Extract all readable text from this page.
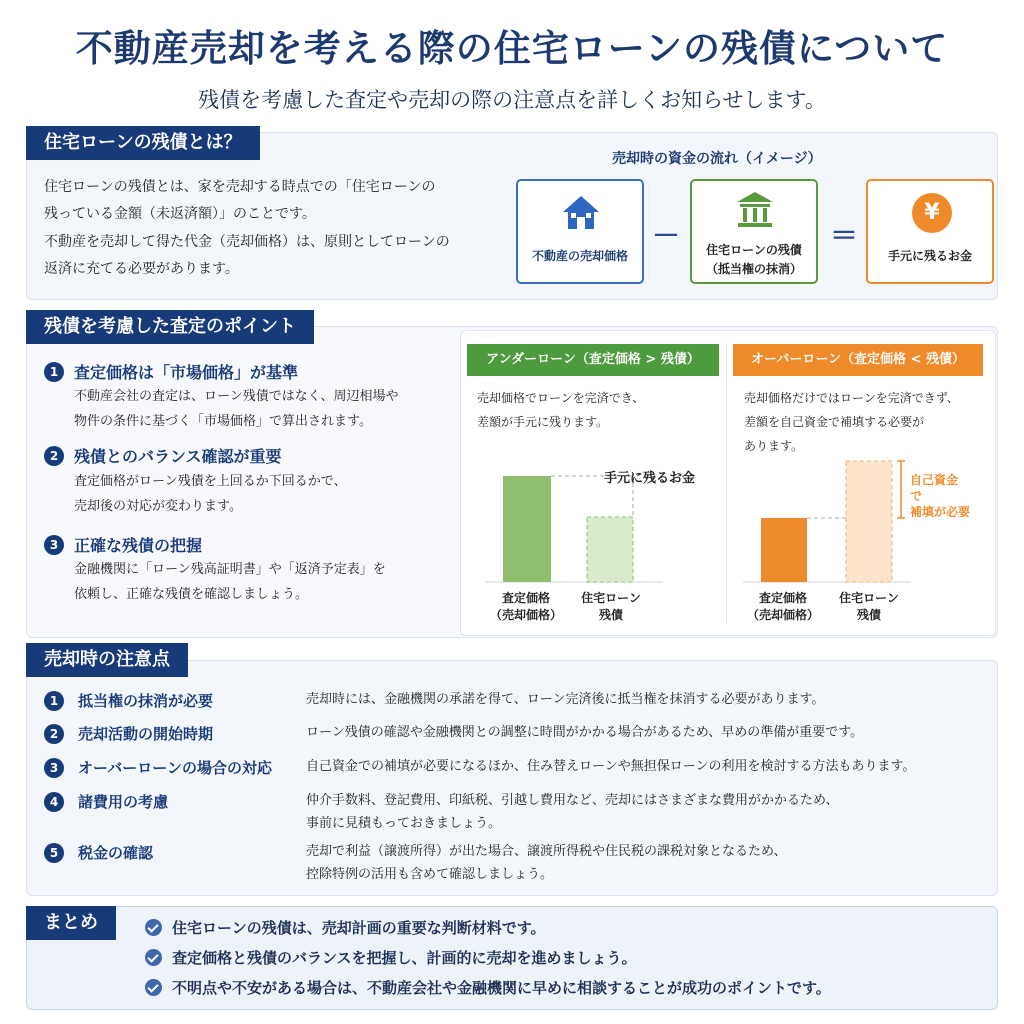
不動産売却を考える際の住宅ローンの残債について
残債を考慮した査定や売却の際の注意点を詳しくお知らせします。
住宅ローンの残債とは？
住宅ローンの残債とは、家を売却する時点での「住宅ローンの
残っている金額（未返済額）」のことです。
不動産を売却して得た代金（売却価格）は、原則としてローンの
返済に充てる必要があります。
売却時の資金の流れ（イメージ）
不動産の売却価格
－	住宅ローンの残債
（抵当権の抹消）
＝
¥
手元に残るお金
残債を考慮した査定のポイント
1 査定価格は「市場価格」が基準
不動産会社の査定は、ローン残債ではなく、周辺相場や
物件の条件に基づく「市場価格」で算出されます。
2 残債とのバランス確認が重要
査定価格がローン残債を上回るか下回るかで、
売却後の対応が変わります。
3 正確な残債の把握
金融機関に「ローン残高証明書」や「返済予定表」を
依頼し、正確な残債を確認しましょう。
アンダーローン（査定価格 > 残債）
売却価格でローンを完済でき、
差額が手元に残ります。
手元に残るお金
査定価格
（売却価格）
住宅ローン
残債
オーバーローン（査定価格 < 残債）
売却価格だけではローンを完済できず、
差額を自己資金で補填する必要が
あります。
自己資金
で
補填が必要
査定価格
（売却価格）
住宅ローン
残債
売却時の注意点
1	抵当権の抹消が必要	売却時には、金融機関の承諾を得て、ローン完済後に抵当権を抹消する必要があります。
2	売却活動の開始時期	ローン残債の確認や金融機関との調整に時間がかかる場合があるため、早めの準備が重要です。
3	オーバーローンの場合の対応	自己資金での補填が必要になるほか、住み替えローンや無担保ローンの利用を検討する方法もあります。
4	諸費用の考慮	仲介手数料、登記費用、印紙税、引越し費用など、売却にはさまざまな費用がかかるため、
事前に見積もっておきましょう。
5	税金の確認	売却で利益（譲渡所得）が出た場合、譲渡所得税や住民税の課税対象となるため、
控除特例の活用も含めて確認しましょう。
まとめ	住宅ローンの残債は、売却計画の重要な判断材料です。
査定価格と残債のバランスを把握し、計画的に売却を進めましょう。
不明点や不安がある場合は、不動産会社や金融機関に早めに相談することが成功のポイントです。
